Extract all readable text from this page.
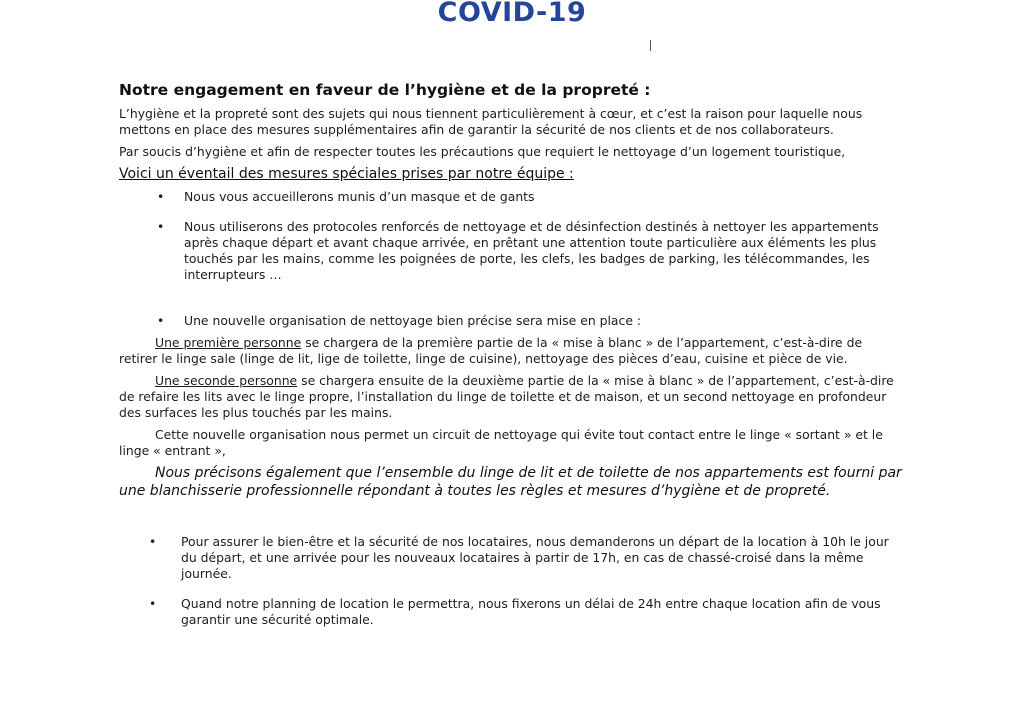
COVID-19
Notre engagement en faveur de l’hygiène et de la propreté :

L’hygiène et la propreté sont des sujets qui nous tiennent particulièrement à cœur, et c’est la raison pour laquelle nous mettons en place des mesures supplémentaires afin de garantir la sécurité de nos clients et de nos collaborateurs.

Par soucis d’hygiène et afin de respecter toutes les précautions que requiert le nettoyage d’un logement touristique,

Voici un éventail des mesures spéciales prises par notre équipe :
• Nous vous accueillerons munis d’un masque et de gants
• Nous utiliserons des protocoles renforcés de nettoyage et de désinfection destinés à nettoyer les appartements après chaque départ et avant chaque arrivée, en prêtant une attention toute particulière aux éléments les plus touchés par les mains, comme les poignées de porte, les clefs, les badges de parking, les télécommandes, les interrupteurs …
• Une nouvelle organisation de nettoyage bien précise sera mise en place :

Une première personne se chargera de la première partie de la « mise à blanc » de l’appartement, c’est-à-dire de retirer le linge sale (linge de lit, lige de toilette, linge de cuisine), nettoyage des pièces d’eau, cuisine et pièce de vie.

Une seconde personne se chargera ensuite de la deuxième partie de la « mise à blanc » de l’appartement, c’est-à-dire de refaire les lits avec le linge propre, l’installation du linge de toilette et de maison, et un second nettoyage en profondeur des surfaces les plus touchés par les mains.

Cette nouvelle organisation nous permet un circuit de nettoyage qui évite tout contact entre le linge « sortant » et le linge « entrant »,

Nous précisons également que l’ensemble du linge de lit et de toilette de nos appartements est fourni par une blanchisserie professionnelle répondant à toutes les règles et mesures d’hygiène et de propreté.

• Pour assurer le bien-être et la sécurité de nos locataires, nous demanderons un départ de la location à 10h le jour du départ, et une arrivée pour les nouveaux locataires à partir de 17h, en cas de chassé-croisé dans la même journée.
• Quand notre planning de location le permettra, nous fixerons un délai de 24h entre chaque location afin de vous garantir une sécurité optimale.
